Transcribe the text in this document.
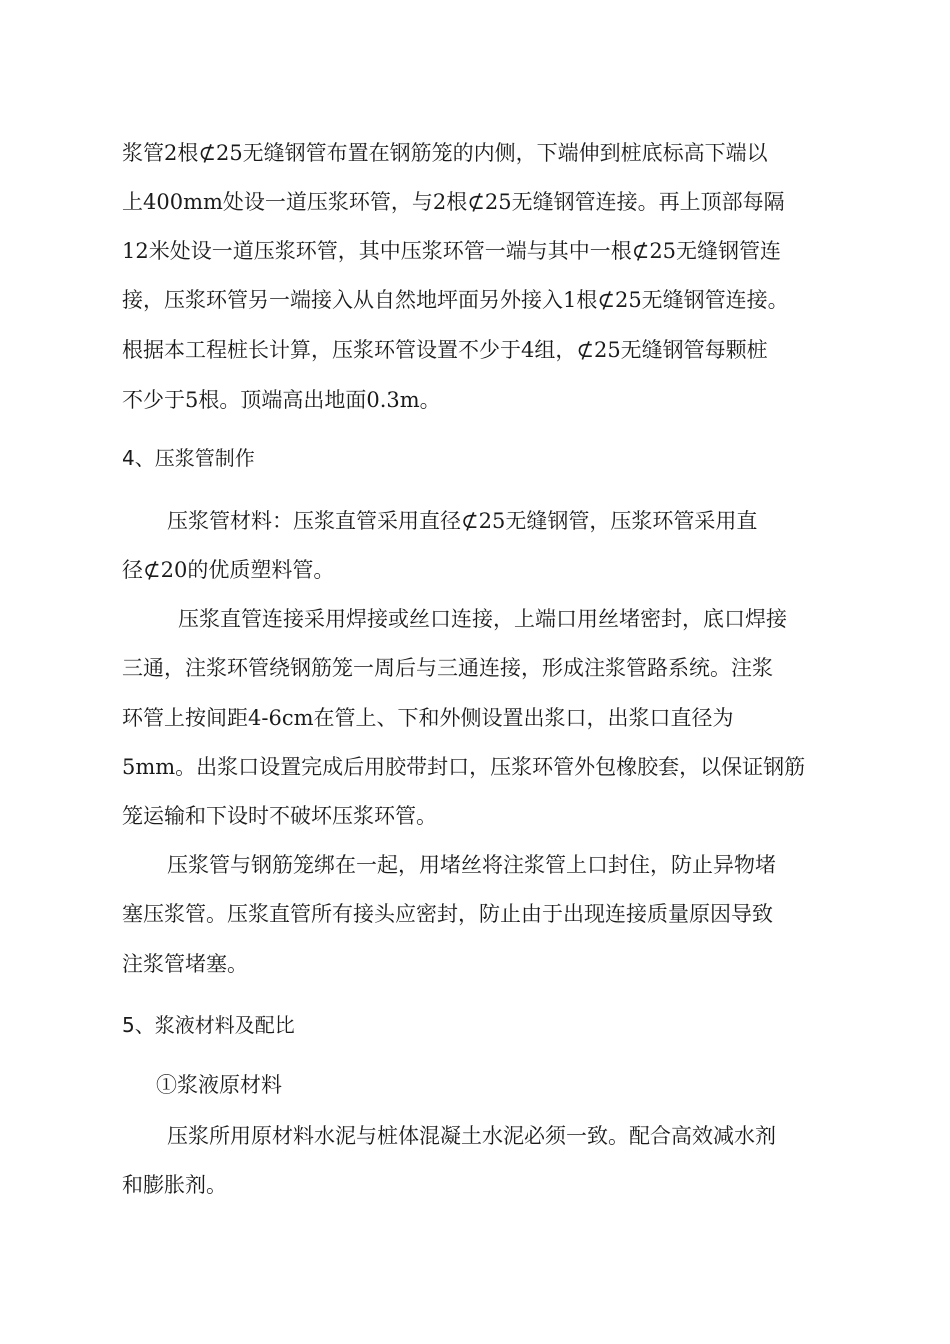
浆管2根⊄25无缝钢管布置在钢筋笼的内侧，下端伸到桩底标高下端以
上400mm处设一道压浆环管，与2根⊄25无缝钢管连接。再上顶部每隔
12米处设一道压浆环管，其中压浆环管一端与其中一根⊄25无缝钢管连
接，压浆环管另一端接入从自然地坪面另外接入1根⊄25无缝钢管连接。
根据本工程桩长计算，压浆环管设置不少于4组，⊄25无缝钢管每颗桩
不少于5根。顶端高出地面0.3m。
4、压浆管制作
压浆管材料：压浆直管采用直径⊄25无缝钢管，压浆环管采用直
径⊄20的优质塑料管。
压浆直管连接采用焊接或丝口连接，上端口用丝堵密封，底口焊接
三通，注浆环管绕钢筋笼一周后与三通连接，形成注浆管路系统。注浆
环管上按间距4-6cm在管上、下和外侧设置出浆口，出浆口直径为
5mm。出浆口设置完成后用胶带封口，压浆环管外包橡胶套，以保证钢筋
笼运输和下设时不破坏压浆环管。
压浆管与钢筋笼绑在一起，用堵丝将注浆管上口封住，防止异物堵
塞压浆管。压浆直管所有接头应密封，防止由于出现连接质量原因导致
注浆管堵塞。
5、浆液材料及配比
①浆液原材料
压浆所用原材料水泥与桩体混凝土水泥必须一致。配合高效减水剂
和膨胀剂。
